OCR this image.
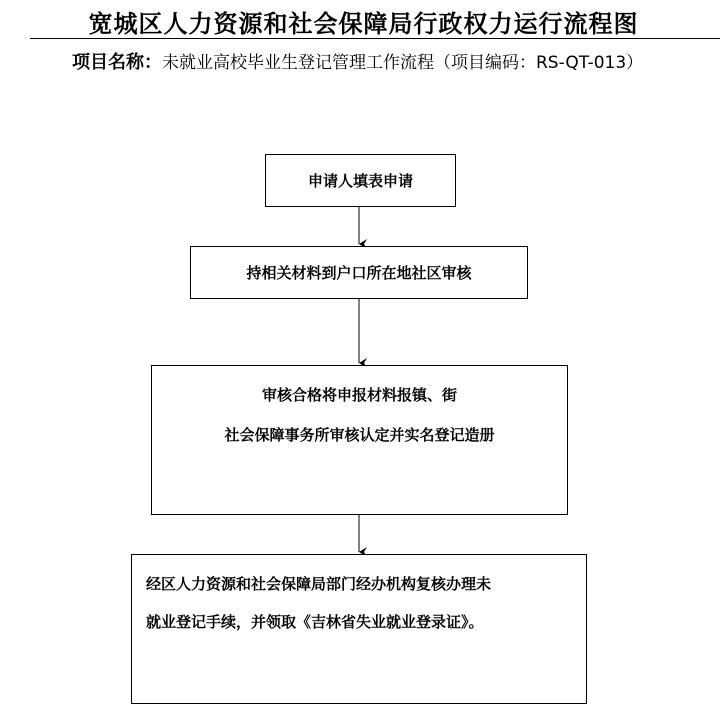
宽城区人力资源和社会保障局行政权力运行流程图
项目名称：未就业高校毕业生登记管理工作流程（项目编码：RS-QT-013）
申请人填表申请
持相关材料到户口所在地社区审核
审核合格将申报材料报镇、街
社会保障事务所审核认定并实名登记造册
经区人力资源和社会保障局部门经办机构复核办理未
就业登记手续，并领取《吉林省失业就业登录证》。
